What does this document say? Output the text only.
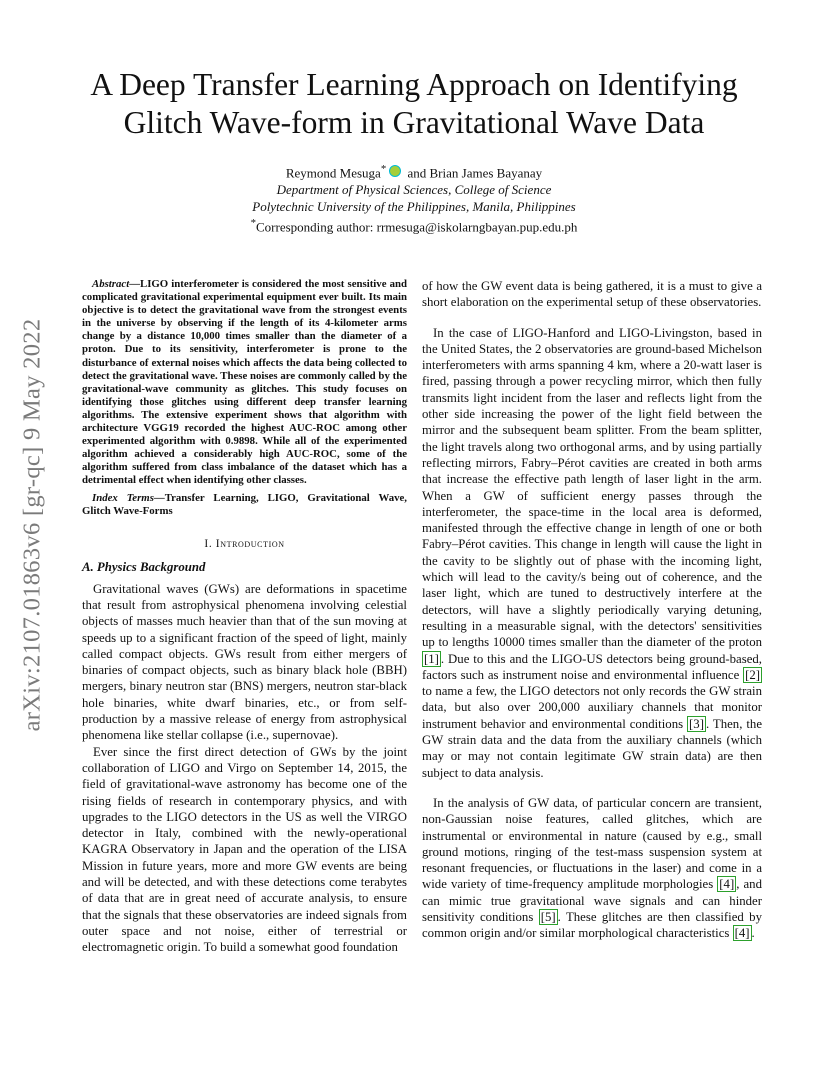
arXiv:2107.01863v6 [gr-qc] 9 May 2022
A Deep Transfer Learning Approach on Identifying
Glitch Wave-form in Gravitational Wave Data
Reymond Mesuga* and Brian James Bayanay
Department of Physical Sciences, College of Science
Polytechnic University of the Philippines, Manila, Philippines
*Corresponding author: rrmesuga@iskolarngbayan.pup.edu.ph

Abstract—LIGO interferometer is considered the most sensitive and complicated gravitational experimental equipment ever built. Its main objective is to detect the gravitational wave from the strongest events in the universe by observing if the length of its 4-kilometer arms change by a distance 10,000 times smaller than the diameter of a proton. Due to its sensitivity, interferometer is prone to the disturbance of external noises which affects the data being collected to detect the gravitational wave. These noises are commonly called by the gravitational-wave community as glitches. This study focuses on identifying those glitches using different deep transfer learning algorithms. The extensive experiment shows that algorithm with architecture VGG19 recorded the highest AUC-ROC among other experimented algorithm with 0.9898. While all of the experimented algorithm achieved a considerably high AUC-ROC, some of the algorithm suffered from class imbalance of the dataset which has a detrimental effect when identifying other classes.

Index Terms—Transfer Learning, LIGO, Gravitational Wave, Glitch Wave-Forms

I. Introduction
A. Physics Background

Gravitational waves (GWs) are deformations in spacetime that result from astrophysical phenomena involving celestial objects of masses much heavier than that of the sun moving at speeds up to a significant fraction of the speed of light, mainly called compact objects. GWs result from either mergers of binaries of compact objects, such as binary black hole (BBH) mergers, binary neutron star (BNS) mergers, neutron star-black hole binaries, white dwarf binaries, etc., or from self-production by a massive release of energy from astrophysical phenomena like stellar collapse (i.e., supernovae).

Ever since the first direct detection of GWs by the joint collaboration of LIGO and Virgo on September 14, 2015, the field of gravitational-wave astronomy has become one of the rising fields of research in contemporary physics, and with upgrades to the LIGO detectors in the US as well the VIRGO detector in Italy, combined with the newly-operational KAGRA Observatory in Japan and the operation of the LISA Mission in future years, more and more GW events are being and will be detected, and with these detections come terabytes of data that are in great need of accurate analysis, to ensure that the signals that these observatories are indeed signals from outer space and not noise, either of terrestrial or electromagnetic origin. To build a somewhat good foundation

of how the GW event data is being gathered, it is a must to give a short elaboration on the experimental setup of these observatories.

In the case of LIGO-Hanford and LIGO-Livingston, based in the United States, the 2 observatories are ground-based Michelson interferometers with arms spanning 4 km, where a 20-watt laser is fired, passing through a power recycling mirror, which then fully transmits light incident from the laser and reflects light from the other side increasing the power of the light field between the mirror and the subsequent beam splitter. From the beam splitter, the light travels along two orthogonal arms, and by using partially reflecting mirrors, Fabry–Pérot cavities are created in both arms that increase the effective path length of laser light in the arm. When a GW of sufficient energy passes through the interferometer, the space-time in the local area is deformed, manifested through the effective change in length of one or both Fabry–Pérot cavities. This change in length will cause the light in the cavity to be slightly out of phase with the incoming light, which will lead to the cavity/s being out of coherence, and the laser light, which are tuned to destructively interfere at the detectors, will have a slightly periodically varying detuning, resulting in a measurable signal, with the detectors' sensitivities up to lengths 10000 times smaller than the diameter of the proton [1] . Due to this and the LIGO-US detectors being ground-based, factors such as instrument noise and environmental influence [2] to name a few, the LIGO detectors not only records the GW strain data, but also over 200,000 auxiliary channels that monitor instrument behavior and environmental conditions [3] . Then, the GW strain data and the data from the auxiliary channels (which may or may not contain legitimate GW strain data) are then subject to data analysis.

In the analysis of GW data, of particular concern are transient, non-Gaussian noise features, called glitches, which are instrumental or environmental in nature (caused by e.g., small ground motions, ringing of the test-mass suspension system at resonant frequencies, or fluctuations in the laser) and come in a wide variety of time-frequency amplitude morphologies [4] , and can mimic true gravitational wave signals and can hinder sensitivity conditions [5] . These glitches are then classified by common origin and/or similar morphological characteristics [4] .
